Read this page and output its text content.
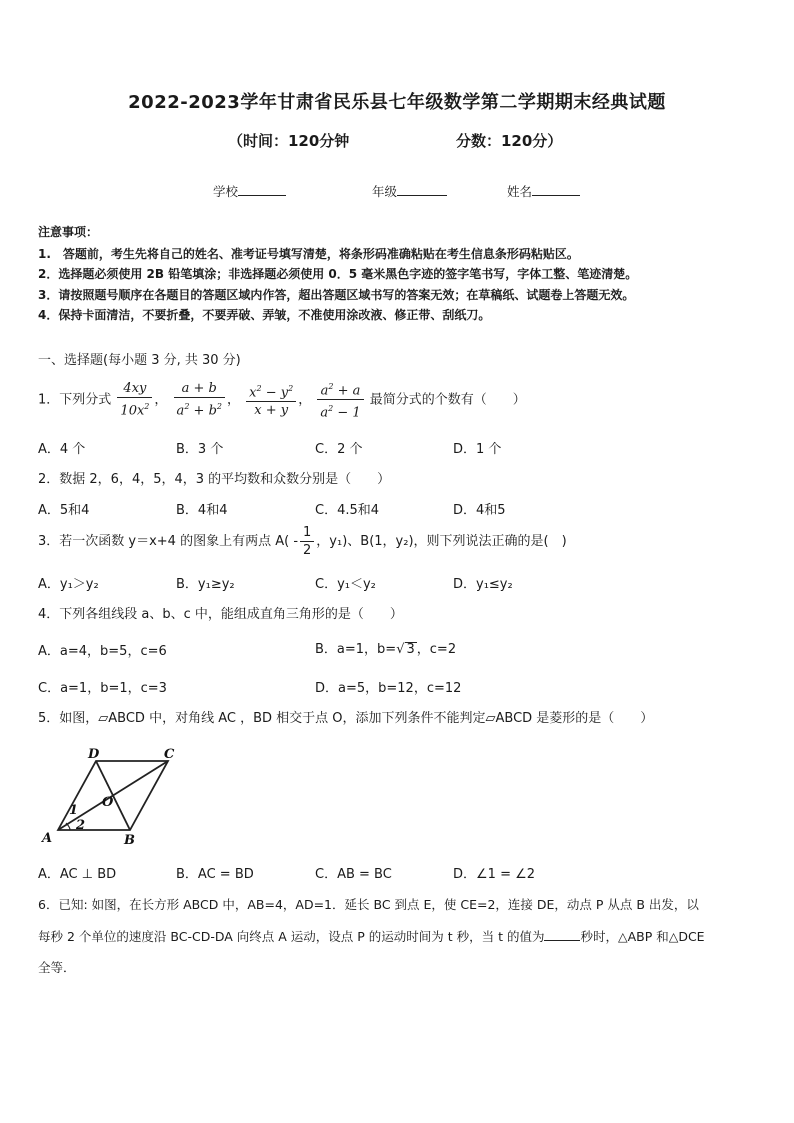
2022-2023学年甘肃省民乐县七年级数学第二学期期末经典试题
（时间：120分钟	分数：120分）
学校	年级	姓名
注意事项：
1.　答题前，考生先将自己的姓名、准考证号填写清楚，将条形码准确粘贴在考生信息条形码粘贴区。
2．选择题必须使用 2B 铅笔填涂；非选择题必须使用 0．5 毫米黑色字迹的签字笔书写，字体工整、笔迹清楚。
3．请按照题号顺序在各题目的答题区域内作答，超出答题区域书写的答案无效；在草稿纸、试题卷上答题无效。
4．保持卡面清洁，不要折叠，不要弄破、弄皱，不准使用涂改液、修正带、刮纸刀。
一、选择题(每小题 3 分, 共 30 分)
1．下列分式 $\frac{4xy}{10x^2}$ ， $\frac{a + b}{a^2 + b^2}$ ， $\frac{x^2 - y^2}{x + y}$ ， $\frac{a^2 + a}{a^2 - 1}$ 最简分式的个数有（　　）
A．4 个	B．3 个	C．2 个	D．1 个
2．数据 2，6，4，5，4，3 的平均数和众数分别是（　　）
A．5和4	B．4和4	C．4.5和4	D．4和5
3．若一次函数 y＝x+4 的图象上有两点 $A( - \frac{1}{2}$ ，y₁)、B(1，y₂)，则下列说法正确的是(　)
A．y₁＞y₂	B．y₁≥y₂	C．y₁＜y₂	D．y₁≤y₂
4．下列各组线段 a、b、c 中，能组成直角三角形的是（　　）
A．a=4，b=5，c=6	B．a=1，b=√ 3 ，c=2
C．a=1，b=1，c=3	D．a=5，b=12，c=12
5．如图，▱ABCD 中，对角线 AC ，BD 相交于点 O，添加下列条件不能判定▱ABCD 是菱形的是（　　）
D	C
A	B
O
1
2
A．AC ⊥ BD	B．AC = BD	C．AB = BC	D．∠1 = ∠2
6．已知: 如图，在长方形 ABCD 中，AB=4，AD=1．延长 BC 到点 E，使 CE=2，连接 DE，动点 P 从点 B 出发，以
每秒 2 个单位的速度沿 BC-CD-DA 向终点 A 运动，设点 P 的运动时间为 t 秒，当 t 的值为	秒时，△ABP 和△DCE
全等．
